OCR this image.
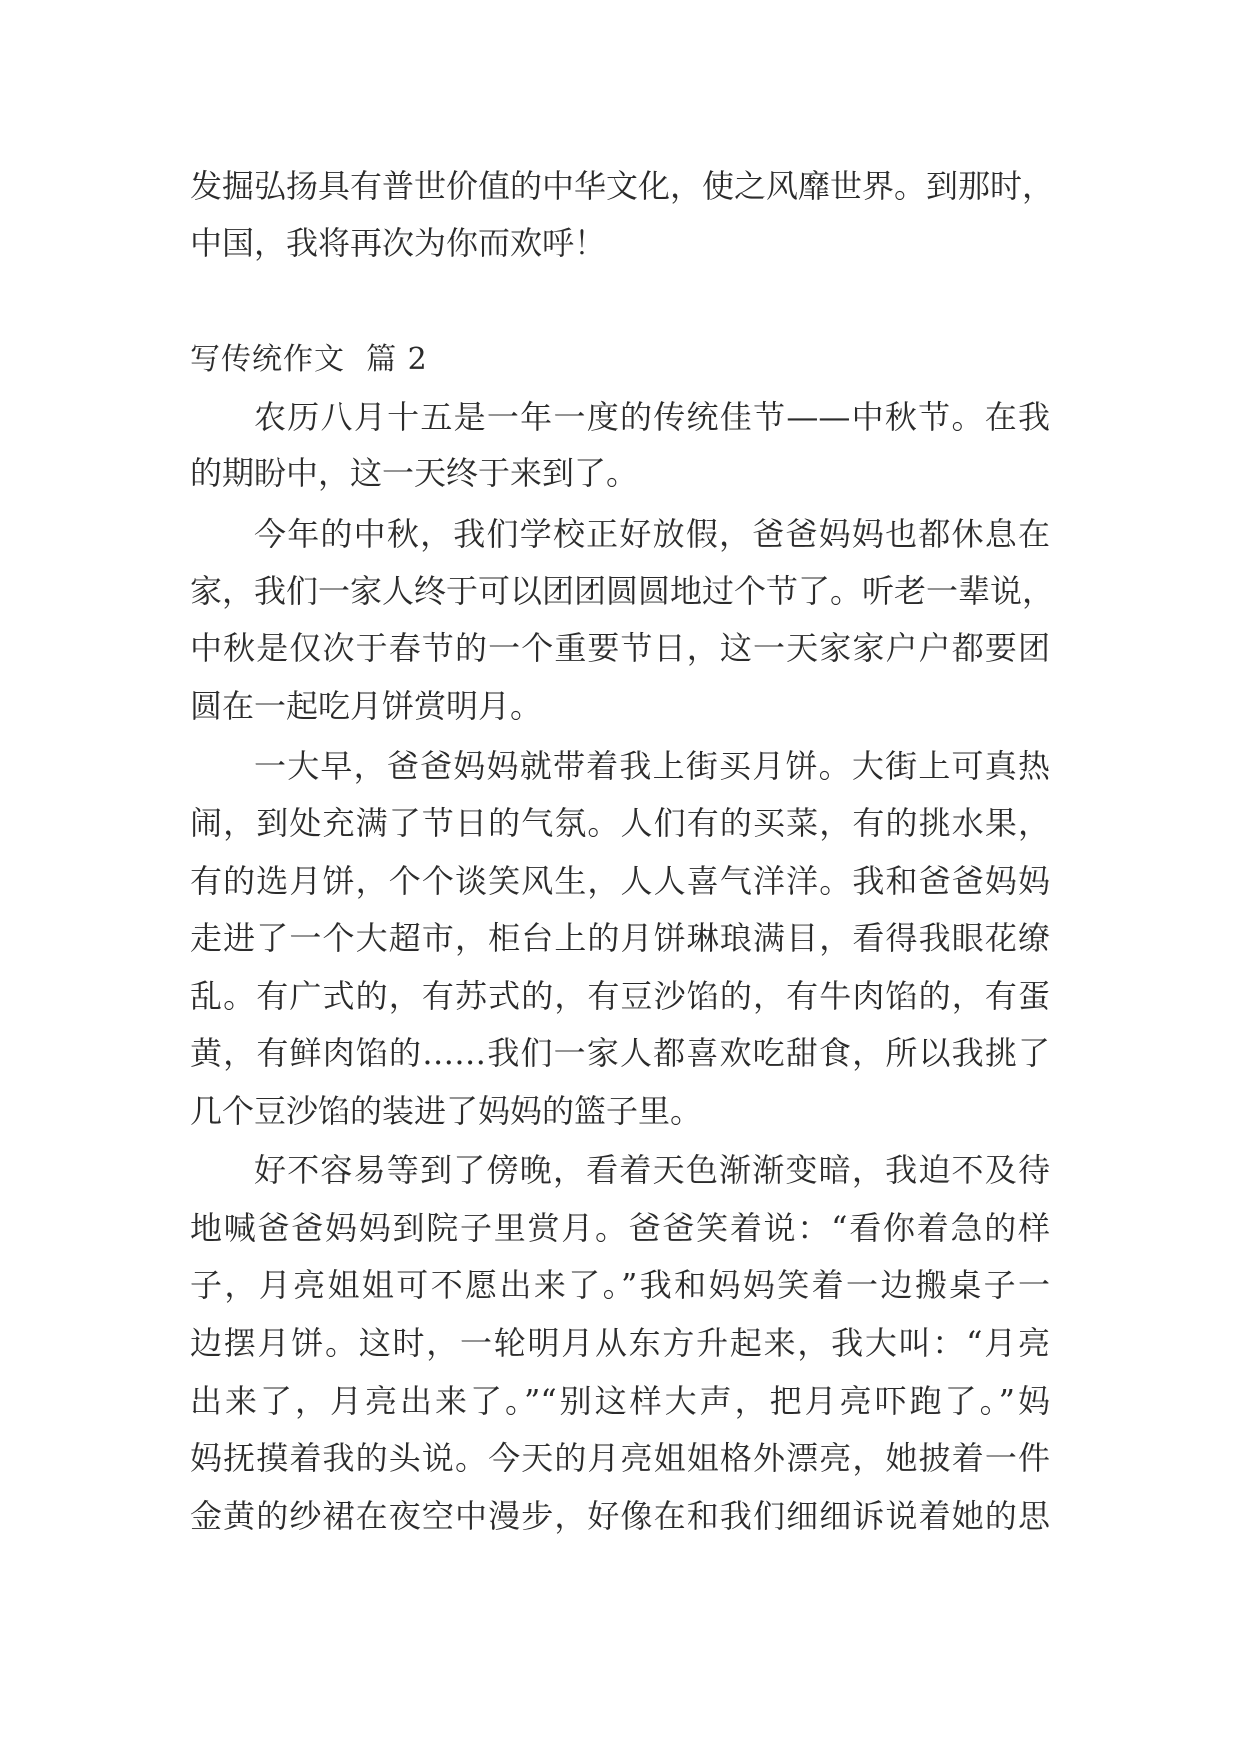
发掘弘扬具有普世价值的中华文化，使之风靡世界。到那时，
中国，我将再次为你而欢呼！
写传统作文 篇 2
农历八月十五是一年一度的传统佳节——中秋节。在我
的期盼中，这一天终于来到了。
今年的中秋，我们学校正好放假，爸爸妈妈也都休息在
家，我们一家人终于可以团团圆圆地过个节了。听老一辈说，
中秋是仅次于春节的一个重要节日，这一天家家户户都要团
圆在一起吃月饼赏明月。
一大早，爸爸妈妈就带着我上街买月饼。大街上可真热
闹，到处充满了节日的气氛。人们有的买菜，有的挑水果，
有的选月饼，个个谈笑风生，人人喜气洋洋。我和爸爸妈妈
走进了一个大超市，柜台上的月饼琳琅满目，看得我眼花缭
乱。有广式的，有苏式的，有豆沙馅的，有牛肉馅的，有蛋
黄，有鲜肉馅的……我们一家人都喜欢吃甜食，所以我挑了
几个豆沙馅的装进了妈妈的篮子里。
好不容易等到了傍晚，看着天色渐渐变暗，我迫不及待
地喊爸爸妈妈到院子里赏月。爸爸笑着说：“看你着急的样
子，月亮姐姐可不愿出来了。”我和妈妈笑着一边搬桌子一
边摆月饼。这时，一轮明月从东方升起来，我大叫：“月亮
出来了，月亮出来了。”“别这样大声，把月亮吓跑了。”妈
妈抚摸着我的头说。今天的月亮姐姐格外漂亮，她披着一件
金黄的纱裙在夜空中漫步，好像在和我们细细诉说着她的思
